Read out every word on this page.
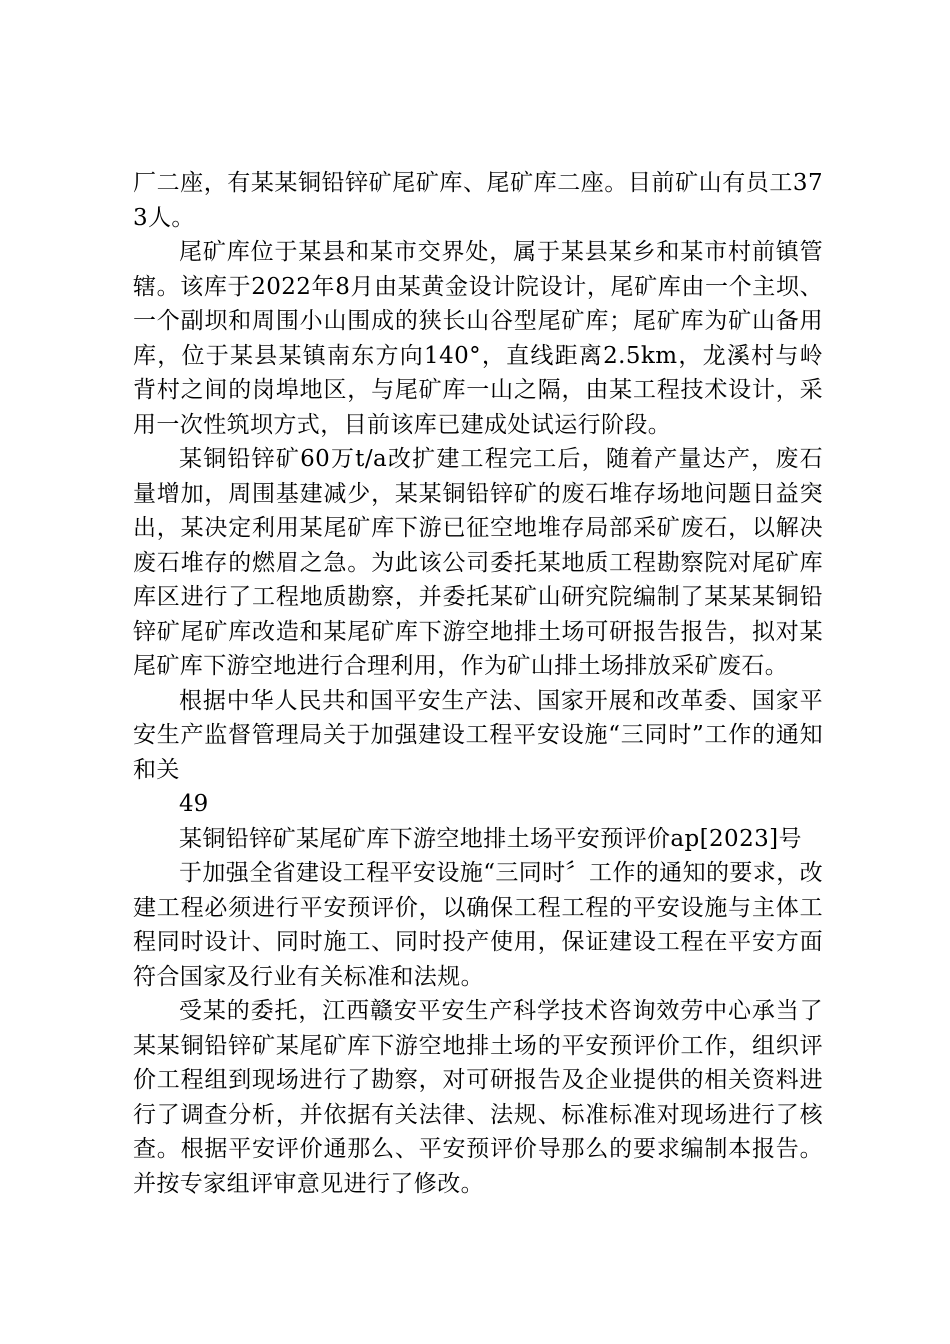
厂二座，有某某铜铅锌矿尾矿库、尾矿库二座。目前矿山有员工373人。

尾矿库位于某县和某市交界处，属于某县某乡和某市村前镇管辖。该库于2022年8月由某黄金设计院设计，尾矿库由一个主坝、一个副坝和周围小山围成的狭长山谷型尾矿库；尾矿库为矿山备用库，位于某县某镇南东方向140°，直线距离2.5km，龙溪村与岭背村之间的岗埠地区，与尾矿库一山之隔，由某工程技术设计，采用一次性筑坝方式，目前该库已建成处试运行阶段。

某铜铅锌矿60万t/a改扩建工程完工后，随着产量达产，废石量增加，周围基建减少，某某铜铅锌矿的废石堆存场地问题日益突出，某决定利用某尾矿库下游已征空地堆存局部采矿废石，以解决废石堆存的燃眉之急。为此该公司委托某地质工程勘察院对尾矿库库区进行了工程地质勘察，并委托某矿山研究院编制了某某某铜铅锌矿尾矿库改造和某尾矿库下游空地排土场可研报告报告，拟对某尾矿库下游空地进行合理利用，作为矿山排土场排放采矿废石。

根据中华人民共和国平安生产法、国家开展和改革委、国家平安生产监督管理局关于加强建设工程平安设施“三同时”工作的通知和关

49

某铜铅锌矿某尾矿库下游空地排土场平安预评价ap[2023]号

于加强全省建设工程平安设施“三同时〞工作的通知的要求，改建工程必须进行平安预评价，以确保工程工程的平安设施与主体工程同时设计、同时施工、同时投产使用，保证建设工程在平安方面符合国家及行业有关标准和法规。

受某的委托，江西赣安平安生产科学技术咨询效劳中心承当了某某铜铅锌矿某尾矿库下游空地排土场的平安预评价工作，组织评价工程组到现场进行了勘察，对可研报告及企业提供的相关资料进行了调查分析，并依据有关法律、法规、标准标准对现场进行了核查。根据平安评价通那么、平安预评价导那么的要求编制本报告。并按专家组评审意见进行了修改。
